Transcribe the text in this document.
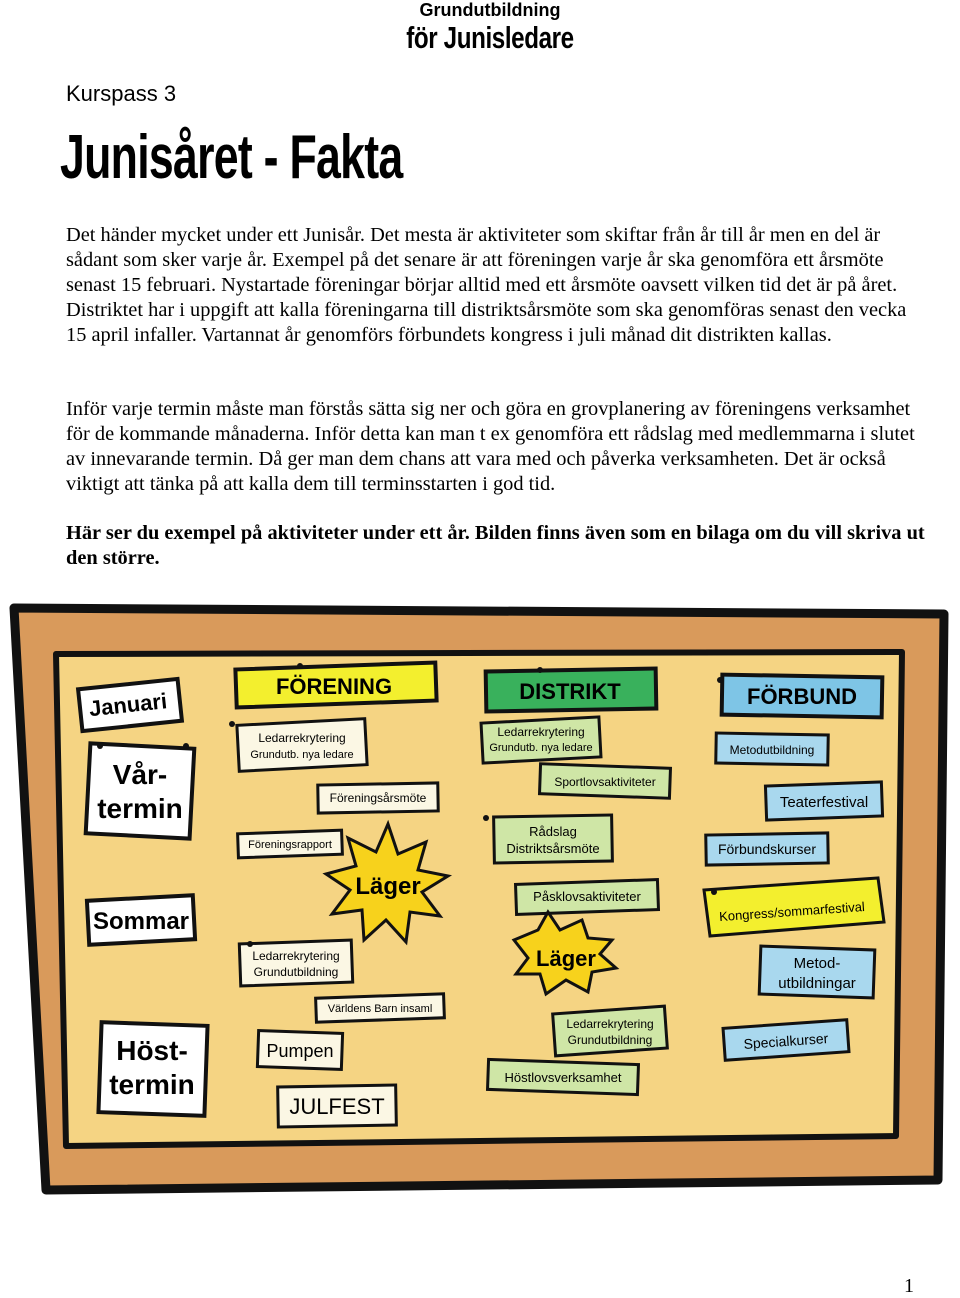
Grundutbildning
för Junisledare
Kurspass 3
Junisåret - Fakta

Det händer mycket under ett Junisår. Det mesta är aktiviteter som skiftar från år till år men en del är sådant som sker varje år. Exempel på det senare är att föreningen varje år ska genomföra ett årsmöte senast 15 februari. Nystartade föreningar börjar alltid med ett årsmöte oavsett vilken tid det är på året. Distriktet har i uppgift att kalla föreningarna till distriktsårsmöte som ska genomföras senast den vecka 15 april infaller. Vartannat år genomförs förbundets kongress i juli månad dit distrikten kallas.

Inför varje termin måste man förstås sätta sig ner och göra en grovplanering av föreningens verksamhet för de kommande månaderna. Inför detta kan man t ex genomföra ett rådslag med medlemmarna i slutet av innevarande termin. Då ger man dem chans att vara med och påverka verksamheten. Det är också viktigt att tänka på att kalla dem till terminsstarten i god tid.

Här ser du exempel på aktiviteter under ett år. Bilden finns även som en bilaga om du vill skriva ut den större.

Januari
Vår-
termin
Sommar
Höst-
termin
FÖRENING	DISTRIKT	FÖRBUND
Ledarrekrytering
Grundutb. nya ledare
Föreningsårsmöte
Föreningsrapport
Läger
Ledarrekrytering
Grundutbildning
Världens Barn insaml
Pumpen
JULFEST
Ledarrekrytering
Grundutb. nya ledare
Sportlovsaktiviteter
Rådslag
Distriktsårsmöte
Påsklovsaktiviteter
Läger
Ledarrekrytering
Grundutbildning
Höstlovsverksamhet
Metodutbildning
Teaterfestival
Förbundskurser
Kongress/sommarfestival
Metod-
utbildningar
Specialkurser
1
